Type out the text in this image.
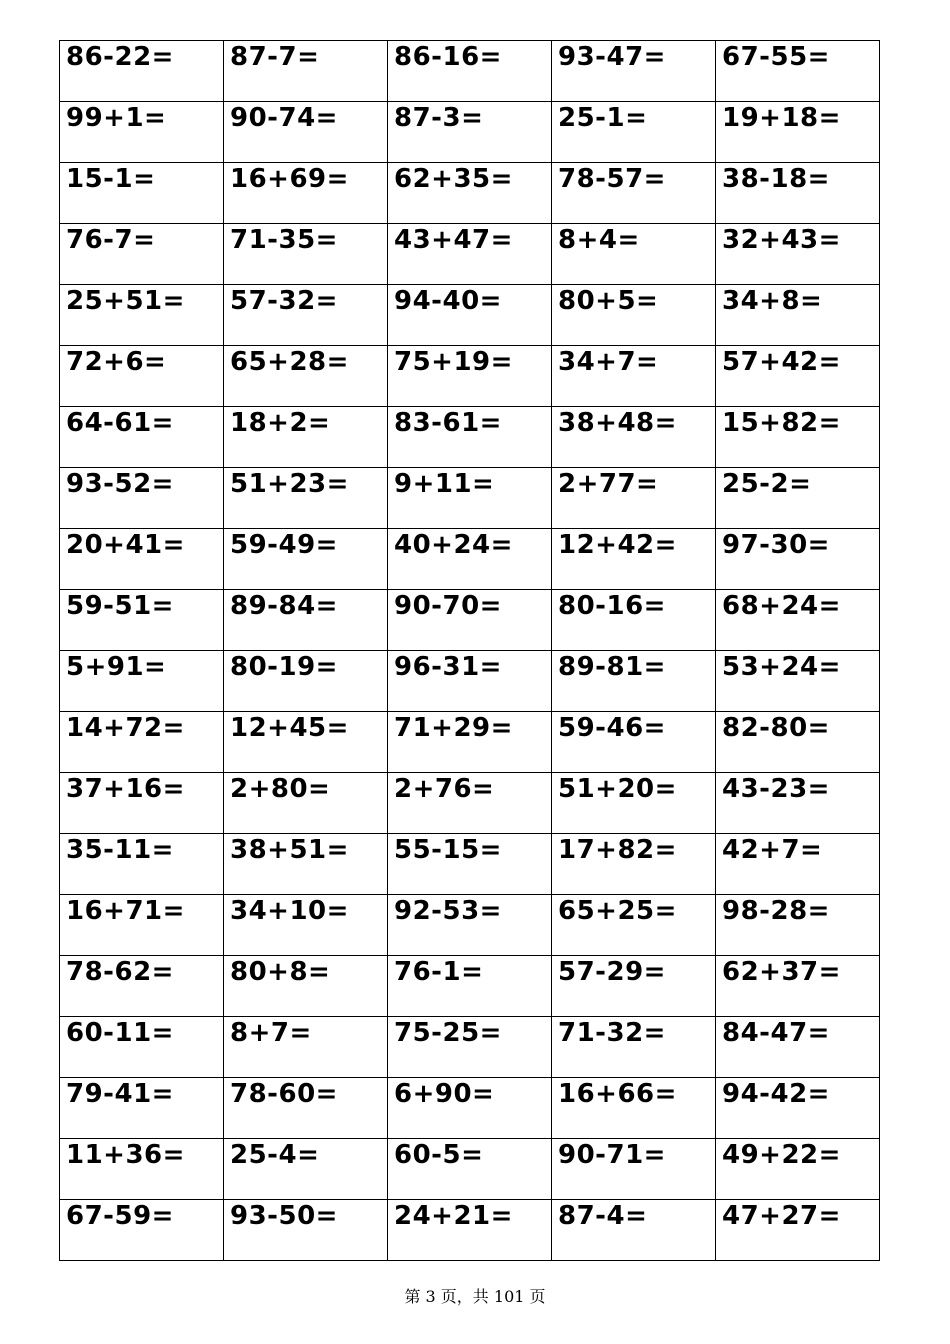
86-22=	87-7=	86-16=	93-47=	67-55=

99+1=	90-74=	87-3=	25-1=	19+18=

15-1=	16+69=	62+35=	78-57=	38-18=

76-7=	71-35=	43+47=	8+4=	32+43=

25+51=	57-32=	94-40=	80+5=	34+8=

72+6=	65+28=	75+19=	34+7=	57+42=

64-61=	18+2=	83-61=	38+48=	15+82=

93-52=	51+23=	9+11=	2+77=	25-2=

20+41=	59-49=	40+24=	12+42=	97-30=

59-51=	89-84=	90-70=	80-16=	68+24=

5+91=	80-19=	96-31=	89-81=	53+24=

14+72=	12+45=	71+29=	59-46=	82-80=

37+16=	2+80=	2+76=	51+20=	43-23=

35-11=	38+51=	55-15=	17+82=	42+7=

16+71=	34+10=	92-53=	65+25=	98-28=

78-62=	80+8=	76-1=	57-29=	62+37=

60-11=	8+7=	75-25=	71-32=	84-47=

79-41=	78-60=	6+90=	16+66=	94-42=

11+36=	25-4=	60-5=	90-71=	49+22=

67-59=	93-50=	24+21=	87-4=	47+27=
第 3 页，共 101 页
